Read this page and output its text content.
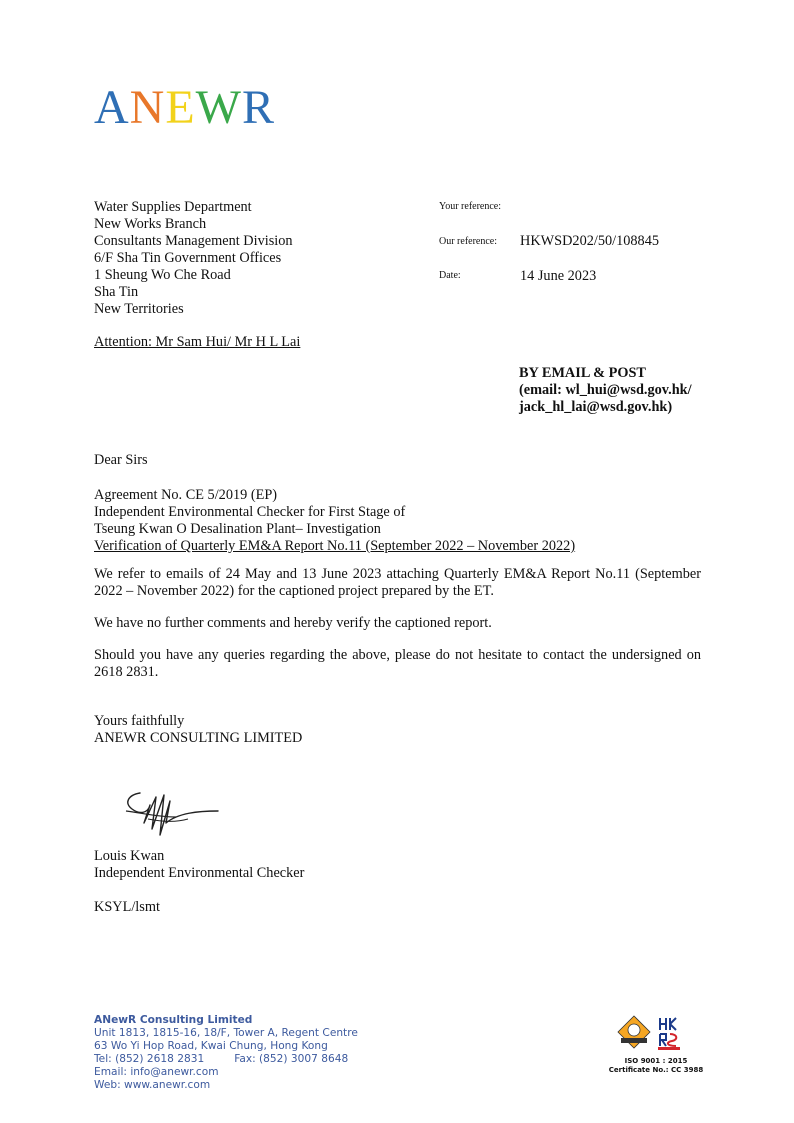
ANEWR
Water Supplies Department
New Works Branch
Consultants Management Division
6/F Sha Tin Government Offices
1 Sheung Wo Che Road
Sha Tin
New Territories
Your reference:
Our reference: HKWSD202/50/108845
Date:	14 June 2023
Attention: Mr Sam Hui/ Mr H L Lai
BY EMAIL & POST
(email: wl_hui@wsd.gov.hk/
jack_hl_lai@wsd.gov.hk)
Dear Sirs
Agreement No. CE 5/2019 (EP)
Independent Environmental Checker for First Stage of
Tseung Kwan O Desalination Plant– Investigation
Verification of Quarterly EM&A Report No.11 (September 2022 – November 2022)
We refer to emails of 24 May and 13 June 2023 attaching Quarterly EM&A Report No.11 (September 2022 – November 2022) for the captioned project prepared by the ET.
We have no further comments and hereby verify the captioned report.
Should you have any queries regarding the above, please do not hesitate to contact the undersigned on 2618 2831.
Yours faithfully
ANEWR CONSULTING LIMITED
Louis Kwan
Independent Environmental Checker
KSYL/lsmt
ANewR Consulting Limited
Unit 1813, 1815-16, 18/F, Tower A, Regent Centre
63 Wo Yi Hop Road, Kwai Chung, Hong Kong
Tel: (852) 2618 2831	Fax: (852) 3007 8648
Email: info@anewr.com
Web: www.anewr.com
ISO 9001 : 2015
Certificate No.: CC 3988
